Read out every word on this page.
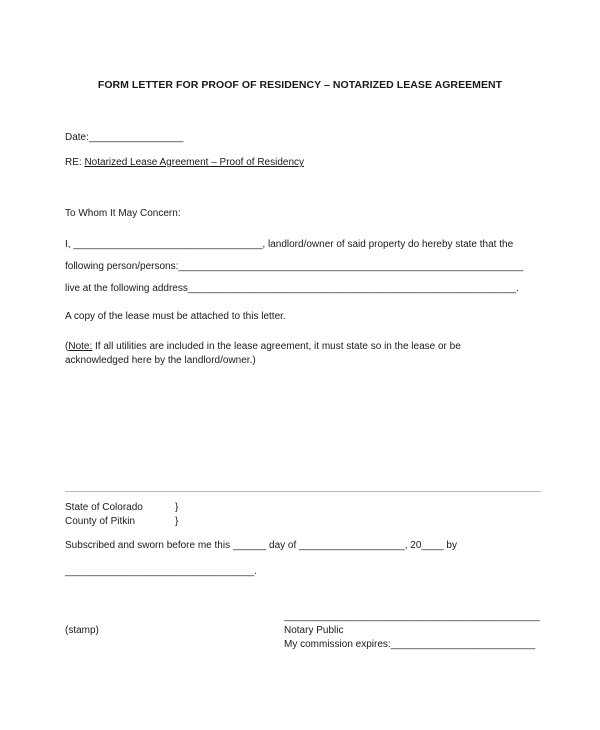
FORM LETTER FOR PROOF OF RESIDENCY – NOTARIZED LEASE AGREEMENT
Date:_________________
RE: Notarized Lease Agreement – Proof of Residency
To Whom It May Concern:
I, __________________________________, landlord/owner of said property do hereby state that the
following person/persons:______________________________________________________________
live at the following address___________________________________________________________.
A copy of the lease must be attached to this letter.
(Note: If all utilities are included in the lease agreement, it must state so in the lease or be
acknowledged here by the landlord/owner.)
State of Colorado	}
County of Pitkin	}
Subscribed and sworn before me this ______ day of ___________________, 20____ by
__________________________________.
______________________________________________
(stamp)	Notary Public
My commission expires:__________________________
